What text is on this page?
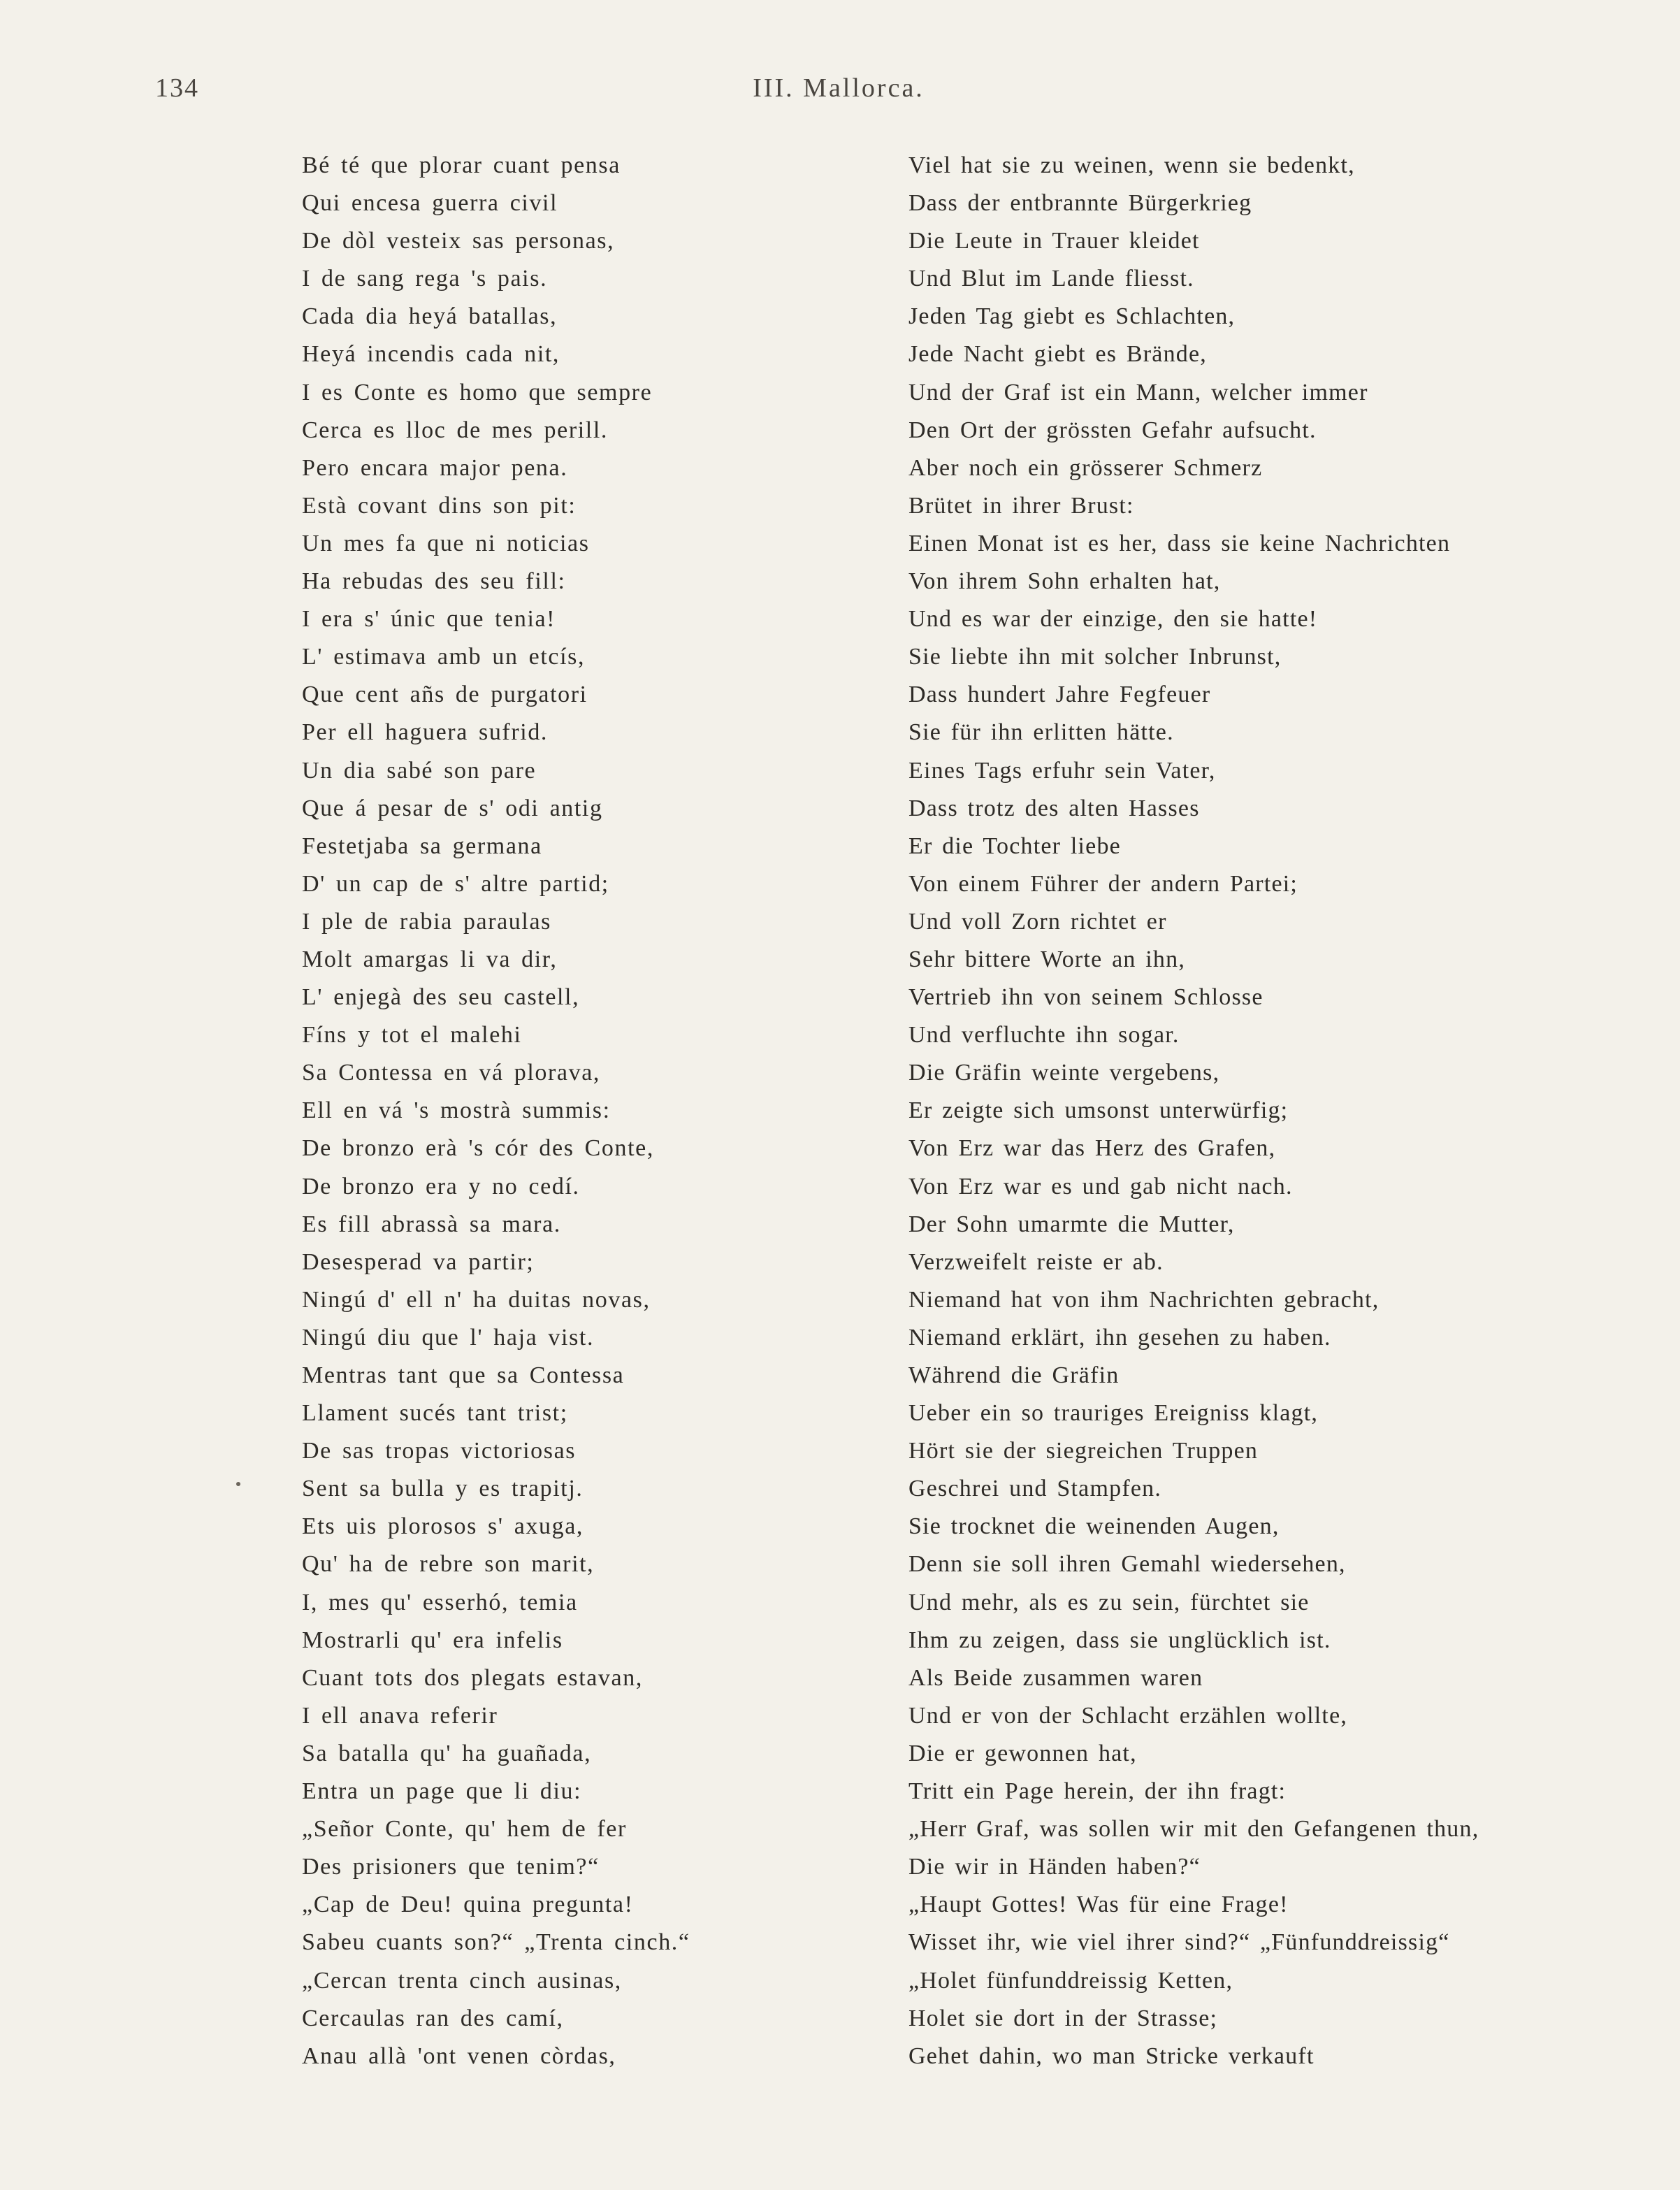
134	III. Mallorca.
Bé té que plorar cuant pensa
Qui encesa guerra civil
De dòl vesteix sas personas,
I de sang rega 's pais.
Cada dia heyá batallas,
Heyá incendis cada nit,
I es Conte es homo que sempre
Cerca es lloc de mes perill.
Pero encara major pena.
Està covant dins son pit:
Un mes fa que ni noticias
Ha rebudas des seu fill:
I era s' únic que tenia!
L' estimava amb un etcís,
Que cent añs de purgatori
Per ell haguera sufrid.
Un dia sabé son pare
Que á pesar de s' odi antig
Festetjaba sa germana
D' un cap de s' altre partid;
I ple de rabia paraulas
Molt amargas li va dir,
L' enjegà des seu castell,
Fíns y tot el malehi
Sa Contessa en vá plorava,
Ell en vá 's mostrà summis:
De bronzo erà 's cór des Conte,
De bronzo era y no cedí.
Es fill abrassà sa mara.
Desesperad va partir;
Ningú d' ell n' ha duitas novas,
Ningú diu que l' haja vist.
Mentras tant que sa Contessa
Llament sucés tant trist;
De sas tropas victoriosas
Sent sa bulla y es trapitj.
Ets uis plorosos s' axuga,
Qu' ha de rebre son marit,
I, mes qu' esserhó, temia
Mostrarli qu' era infelis
Cuant tots dos plegats estavan,
I ell anava referir
Sa batalla qu' ha guañada,
Entra un page que li diu:
„Señor Conte, qu' hem de fer
Des prisioners que tenim?“
„Cap de Deu! quina pregunta!
Sabeu cuants son?“ „Trenta cinch.“
„Cercan trenta cinch ausinas,
Cercaulas ran des camí,
Anau allà 'ont venen còrdas,
Viel hat sie zu weinen, wenn sie bedenkt,
Dass der entbrannte Bürgerkrieg
Die Leute in Trauer kleidet
Und Blut im Lande fliesst.
Jeden Tag giebt es Schlachten,
Jede Nacht giebt es Brände,
Und der Graf ist ein Mann, welcher immer
Den Ort der grössten Gefahr aufsucht.
Aber noch ein grösserer Schmerz
Brütet in ihrer Brust:
Einen Monat ist es her, dass sie keine Nachrichten
Von ihrem Sohn erhalten hat,
Und es war der einzige, den sie hatte!
Sie liebte ihn mit solcher Inbrunst,
Dass hundert Jahre Fegfeuer
Sie für ihn erlitten hätte.
Eines Tags erfuhr sein Vater,
Dass trotz des alten Hasses
Er die Tochter liebe
Von einem Führer der andern Partei;
Und voll Zorn richtet er
Sehr bittere Worte an ihn,
Vertrieb ihn von seinem Schlosse
Und verfluchte ihn sogar.
Die Gräfin weinte vergebens,
Er zeigte sich umsonst unterwürfig;
Von Erz war das Herz des Grafen,
Von Erz war es und gab nicht nach.
Der Sohn umarmte die Mutter,
Verzweifelt reiste er ab.
Niemand hat von ihm Nachrichten gebracht,
Niemand erklärt, ihn gesehen zu haben.
Während die Gräfin
Ueber ein so trauriges Ereigniss klagt,
Hört sie der siegreichen Truppen
Geschrei und Stampfen.
Sie trocknet die weinenden Augen,
Denn sie soll ihren Gemahl wiedersehen,
Und mehr, als es zu sein, fürchtet sie
Ihm zu zeigen, dass sie unglücklich ist.
Als Beide zusammen waren
Und er von der Schlacht erzählen wollte,
Die er gewonnen hat,
Tritt ein Page herein, der ihn fragt:
„Herr Graf, was sollen wir mit den Gefangenen thun,
Die wir in Händen haben?“
„Haupt Gottes! Was für eine Frage!
Wisset ihr, wie viel ihrer sind?“ „Fünfunddreissig“
„Holet fünfunddreissig Ketten,
Holet sie dort in der Strasse;
Gehet dahin, wo man Stricke verkauft
